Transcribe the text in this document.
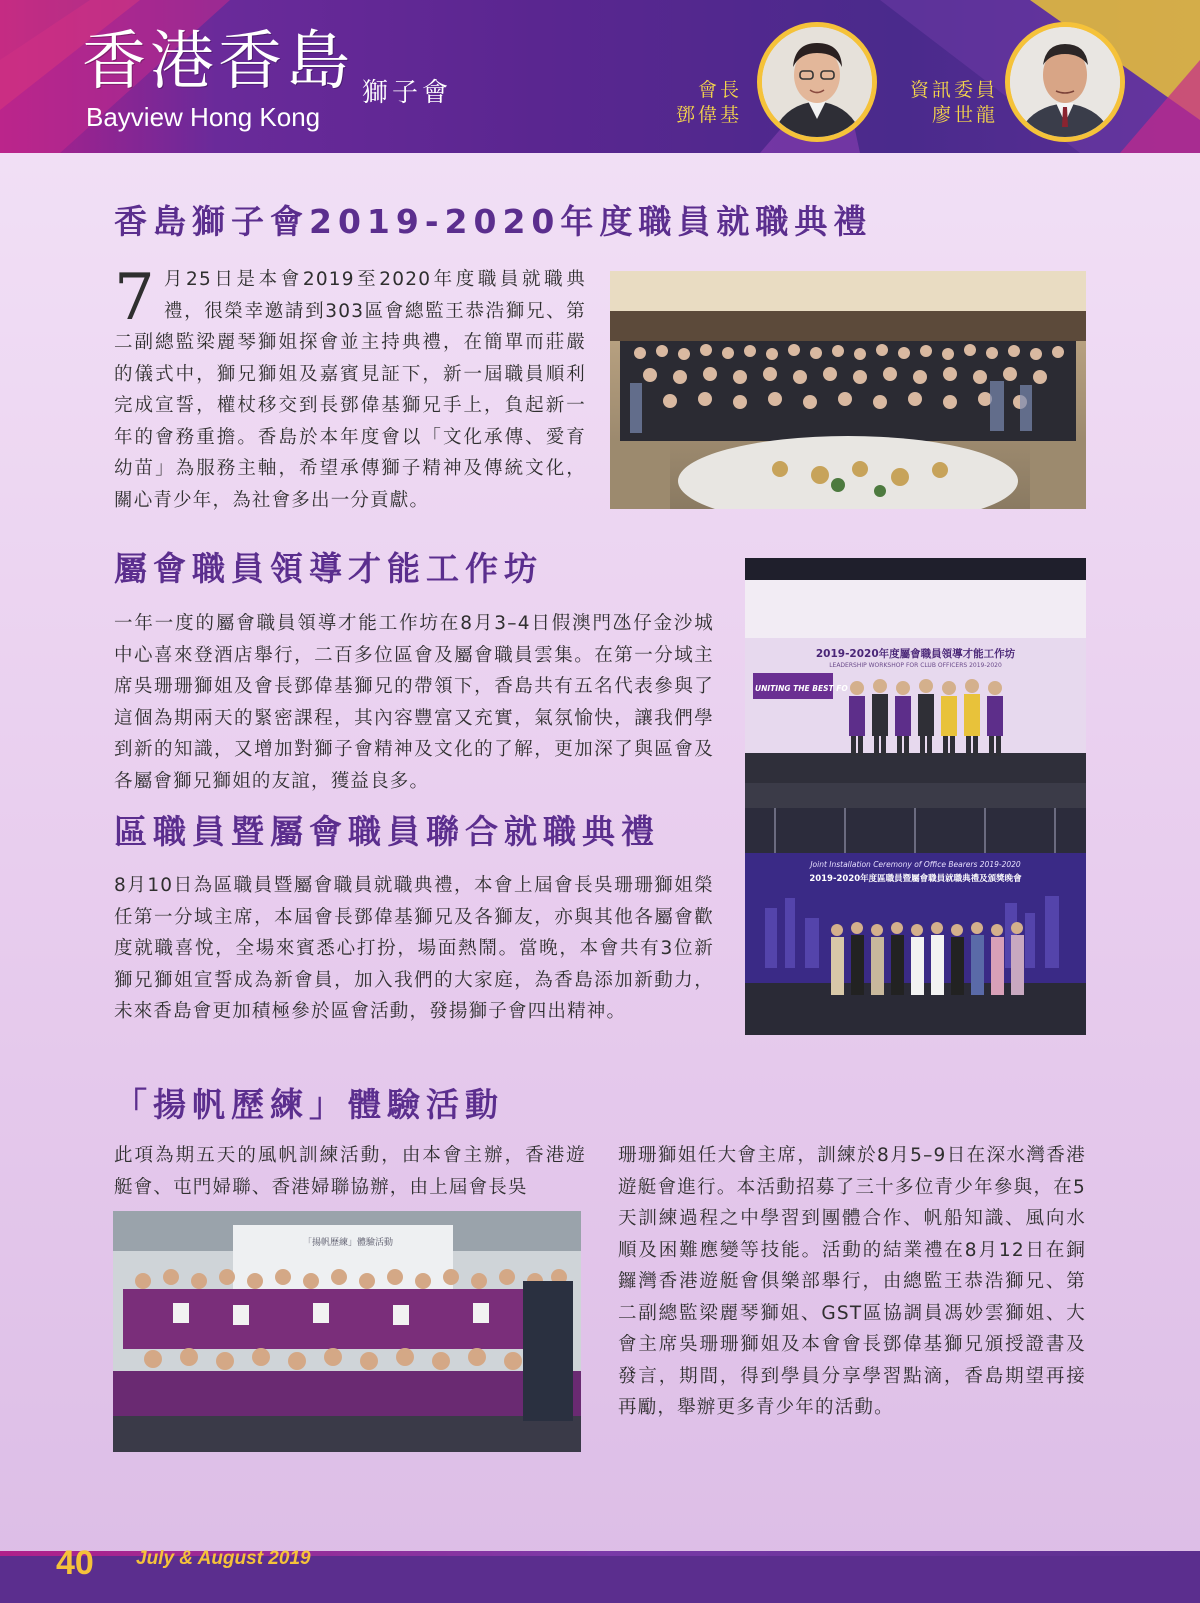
香港香島 獅子會
Bayview Hong Kong
會長
鄧偉基
資訊委員
廖世龍
香島獅子會2019-2020年度職員就職典禮
7 月25日是本會2019至2020年度職員就職典禮，很榮幸邀請到303區會總監王恭浩獅兄、第二副總監梁麗琴獅姐探會並主持典禮，在簡單而莊嚴的儀式中，獅兄獅姐及嘉賓見証下，新一屆職員順利完成宣誓，權杖移交到長鄧偉基獅兄手上，負起新一年的會務重擔。香島於本年度會以「文化承傳、愛育幼苗」為服務主軸，希望承傳獅子精神及傳統文化，關心青少年，為社會多出一分貢獻。
屬會職員領導才能工作坊
一年一度的屬會職員領導才能工作坊在8月3–4日假澳門氹仔金沙城中心喜來登酒店舉行，二百多位區會及屬會職員雲集。在第一分域主席吳珊珊獅姐及會長鄧偉基獅兄的帶領下，香島共有五名代表參與了這個為期兩天的緊密課程，其內容豐富又充實，氣氛愉快，讓我們學到新的知識，又增加對獅子會精神及文化的了解，更加深了與區會及各屬會獅兄獅姐的友誼，獲益良多。
2019-2020年度屬會職員領導才能工作坊
LEADERSHIP WORKSHOP FOR CLUB OFFICERS 2019-2020
UNITING THE BEST FO
區職員暨屬會職員聯合就職典禮
8月10日為區職員暨屬會職員就職典禮，本會上屆會長吳珊珊獅姐榮任第一分域主席，本屆會長鄧偉基獅兄及各獅友，亦與其他各屬會歡度就職喜悅，全場來賓悉心打扮，場面熱鬧。當晚，本會共有3位新獅兄獅姐宣誓成為新會員，加入我們的大家庭，為香島添加新動力，未來香島會更加積極參於區會活動，發揚獅子會四出精神。
Joint Installation Ceremony of Office Bearers 2019-2020
2019-2020年度區職員暨屬會職員就職典禮及頒獎晚會
「揚帆歷練」體驗活動
此項為期五天的風帆訓練活動，由本會主辦，香港遊艇會、屯門婦聯、香港婦聯協辦，由上屆會長吳
「揚帆歷練」體驗活動
珊珊獅姐任大會主席，訓練於8月5–9日在深水灣香港遊艇會進行。本活動招募了三十多位青少年參與，在5天訓練過程之中學習到團體合作、帆船知識、風向水順及困難應變等技能。活動的結業禮在8月12日在銅鑼灣香港遊艇會俱樂部舉行，由總監王恭浩獅兄、第二副總監梁麗琴獅姐、GST區協調員馮妙雲獅姐、大會主席吳珊珊獅姐及本會會長鄧偉基獅兄頒授證書及發言，期間，得到學員分享學習點滴，香島期望再接再勵，舉辦更多青少年的活動。
40 July & August 2019
